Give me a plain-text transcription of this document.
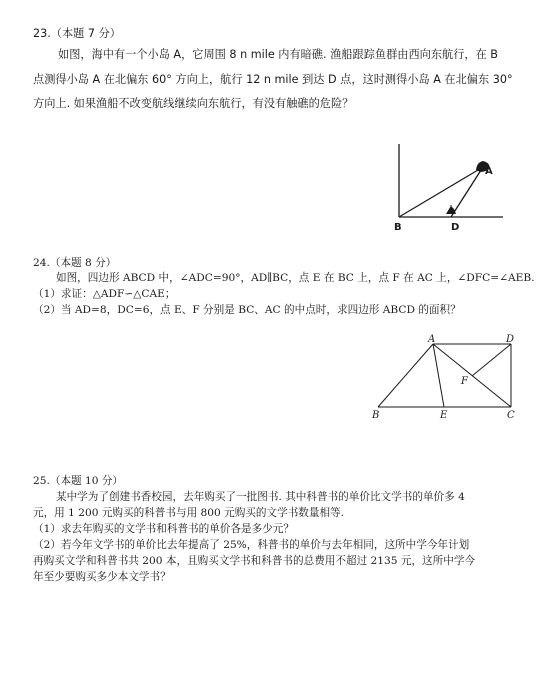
23.（本题 7 分）
如图，海中有一个小岛 A，它周围 8 n mile 内有暗礁. 渔船跟踪鱼群由西向东航行，在 B
点测得小岛 A 在北偏东 60° 方向上，航行 12 n mile 到达 D 点，这时测得小岛 A 在北偏东 30°
方向上. 如果渔船不改变航线继续向东航行，有没有触礁的危险？
A
B	D
24.（本题 8 分）
如图，四边形 ABCD 中，∠ADC=90°，AD∥BC，点 E 在 BC 上，点 F 在 AC 上，∠DFC=∠AEB.
（1）求证：△ADF∽△CAE；
（2）当 AD=8，DC=6，点 E、F 分别是 BC、AC 的中点时，求四边形 ABCD 的面积？
A	D
B	E	C
F
25.（本题 10 分）
某中学为了创建书香校园，去年购买了一批图书. 其中科普书的单价比文学书的单价多 4
元，用 1 200 元购买的科普书与用 800 元购买的文学书数量相等.
（1）求去年购买的文学书和科普书的单价各是多少元？
（2）若今年文学书的单价比去年提高了 25%，科普书的单价与去年相同，这所中学今年计划
再购买文学和科普书共 200 本，且购买文学书和科普书的总费用不超过 2135 元，这所中学今
年至少要购买多少本文学书？
